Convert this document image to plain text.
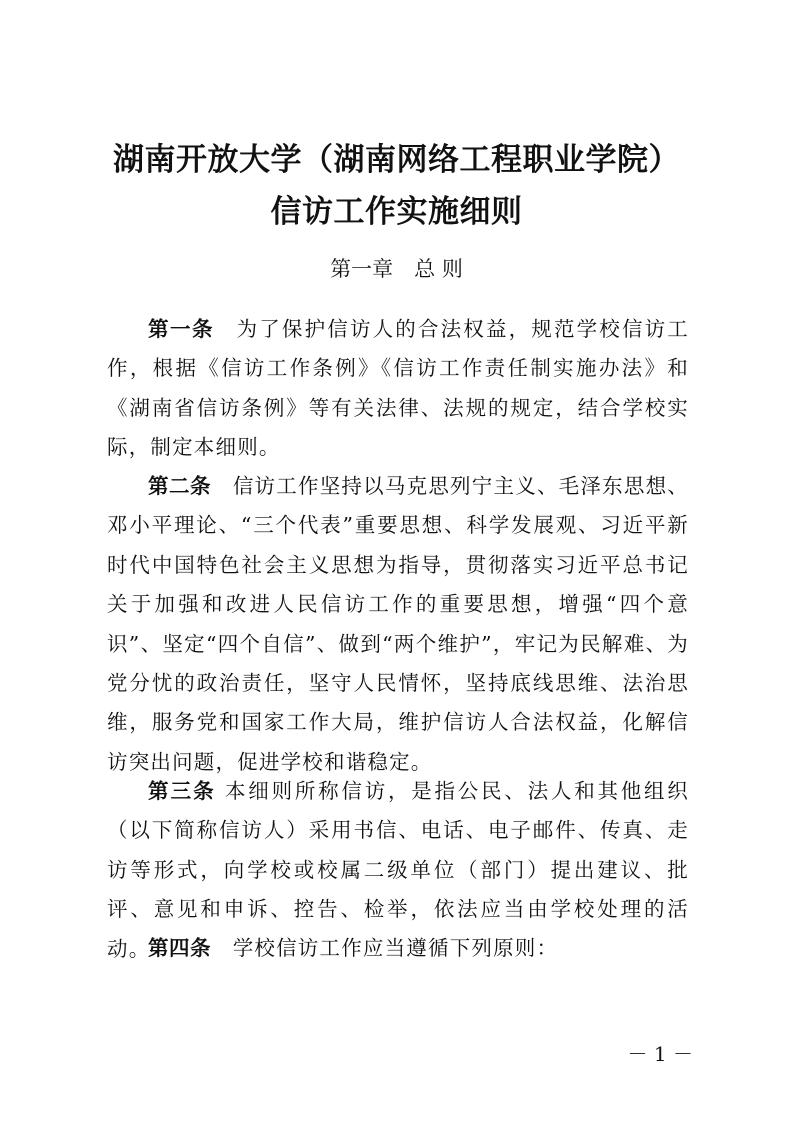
湖南开放大学（湖南网络工程职业学院）
信访工作实施细则
第一章　总 则

第一条　 为了保护信访人的合法权益，规范学校信访工作，根据《信访工作条例》《信访工作责任制实施办法》和《湖南省信访条例》等有关法律、法规的规定，结合学校实际，制定本细则。

第二条　 信访工作坚持以马克思列宁主义、毛泽东思想、邓小平理论、“三个代表”重要思想、科学发展观、习近平新时代中国特色社会主义思想为指导，贯彻落实习近平总书记关于加强和改进人民信访工作的重要思想，增强“四个意识”、坚定“四个自信”、做到“两个维护”，牢记为民解难、为党分忧的政治责任，坚守人民情怀，坚持底线思维、法治思维，服务党和国家工作大局，维护信访人合法权益，化解信访突出问题，促进学校和谐稳定。

第三条 本细则所称信访，是指公民、法人和其他组织（以下简称信访人）采用书信、电话、电子邮件、传真、走访等形式，向学校或校属二级单位（部门）提出建议、批评、意见和申诉、控告、检举，依法应当由学校处理的活动。

第四条　 学校信访工作应当遵循下列原则：

－ 1 －
